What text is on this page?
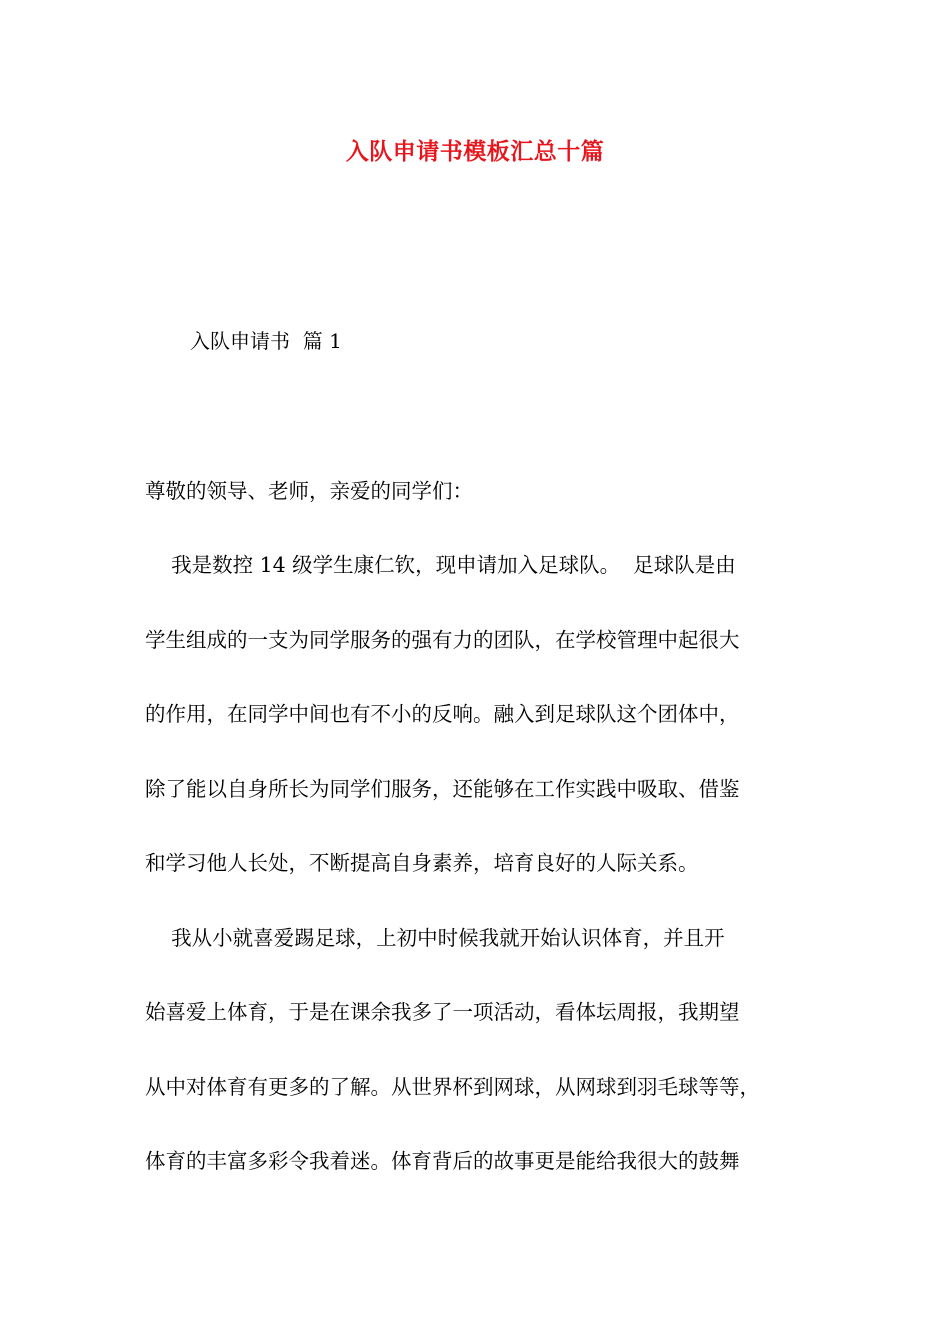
入队申请书模板汇总十篇
入队申请书  篇 1
尊敬的领导、老师，亲爱的同学们：
我是数控 14 级学生康仁钦，现申请加入足球队。  足球队是由
学生组成的一支为同学服务的强有力的团队，在学校管理中起很大
的作用，在同学中间也有不小的反响。融入到足球队这个团体中，
除了能以自身所长为同学们服务，还能够在工作实践中吸取、借鉴
和学习他人长处，不断提高自身素养，培育良好的人际关系。
我从小就喜爱踢足球，上初中时候我就开始认识体育，并且开
始喜爱上体育，于是在课余我多了一项活动，看体坛周报，我期望
从中对体育有更多的了解。从世界杯到网球，从网球到羽毛球等等，
体育的丰富多彩令我着迷。体育背后的故事更是能给我很大的鼓舞
